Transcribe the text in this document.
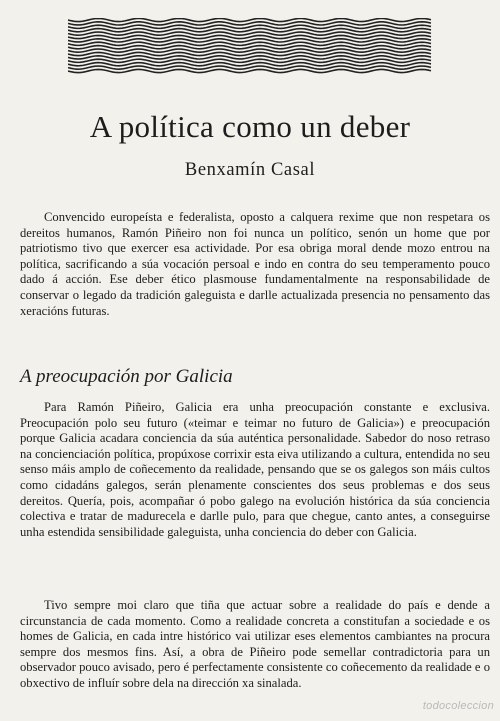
A política como un deber
Benxamín Casal

Convencido europeísta e federalista, oposto a calquera rexime que non respetara os dereitos humanos, Ramón Piñeiro non foi nunca un político, senón un home que por patriotismo tivo que exercer esa actividade. Por esa obriga moral dende mozo entrou na política, sacrificando a súa vocación persoal e indo en contra do seu temperamento pouco dado á acción. Ese deber ético plasmouse fundamentalmente na responsabilidade de conservar o legado da tradición galeguista e darlle actualizada presencia no pensamento das xeracións futuras.

A preocupación por Galicia

Para Ramón Piñeiro, Galicia era unha preocupación constante e exclusiva. Preocupación polo seu futuro («teimar e teimar no futuro de Galicia») e preocupación porque Galicia acadara conciencia da súa auténtica personalidade. Sabedor do noso retraso na concienciación política, propúxose corrixir esta eiva utilizando a cultura, entendida no seu senso máis amplo de coñecemento da realidade, pensando que se os galegos son máis cultos como cidadáns galegos, serán plenamente conscientes dos seus problemas e dos seus dereitos. Quería, pois, acompañar ó pobo galego na evolución histórica da súa conciencia colectiva e tratar de madurecela e darlle pulo, para que chegue, canto antes, a conseguirse unha estendida sensibilidade galeguista, unha conciencia do deber con Galicia.

Tivo sempre moi claro que tiña que actuar sobre a realidade do país e dende a circunstancia de cada momento. Como a realidade concreta a constitufan a sociedade e os homes de Galicia, en cada intre histórico vai utilizar eses elementos cambiantes na procura sempre dos mesmos fins. Así, a obra de Piñeiro pode semellar contradictoria para un observador pouco avisado, pero é perfectamente consistente co coñecemento da realidade e o obxectivo de influír sobre dela na dirección xa sinalada.

todocoleccion
